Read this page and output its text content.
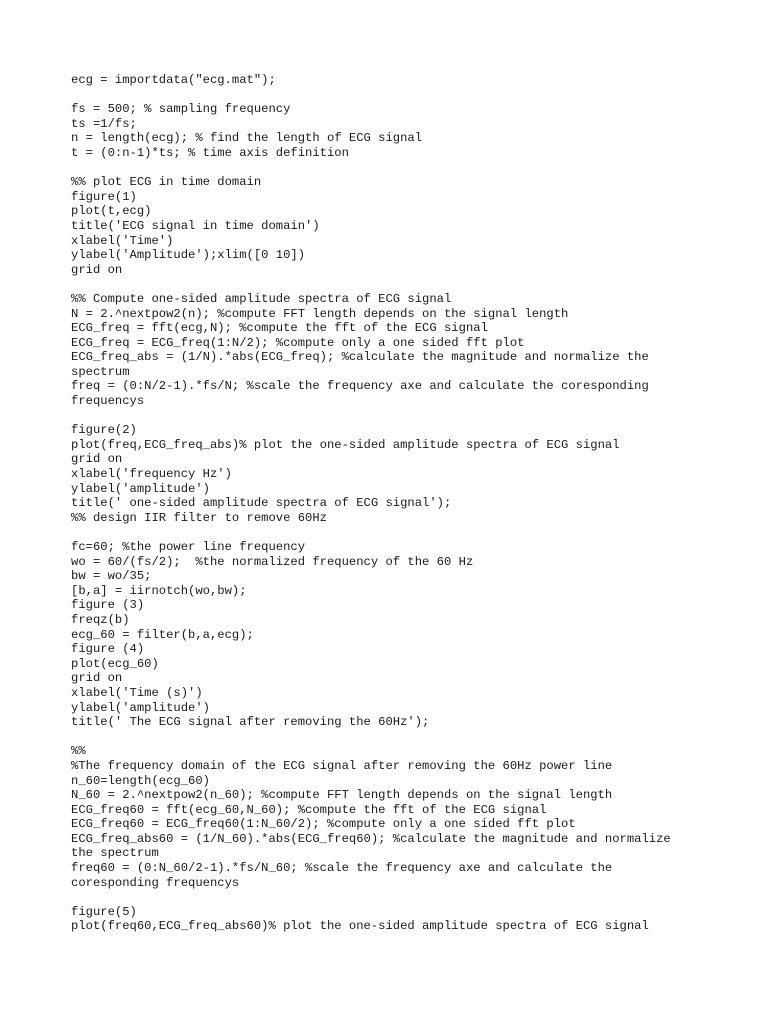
ecg = importdata("ecg.mat");
fs = 500; % sampling frequency
ts =1/fs;
n = length(ecg); % find the length of ECG signal
t = (0:n-1)*ts; % time axis definition
%% plot ECG in time domain
figure(1)
plot(t,ecg)
title('ECG signal in time domain')
xlabel('Time')
ylabel('Amplitude');xlim([0 10])
grid on
%% Compute one-sided amplitude spectra of ECG signal
N = 2.^nextpow2(n); %compute FFT length depends on the signal length
ECG_freq = fft(ecg,N); %compute the fft of the ECG signal
ECG_freq = ECG_freq(1:N/2); %compute only a one sided fft plot
ECG_freq_abs = (1/N).*abs(ECG_freq); %calculate the magnitude and normalize the
spectrum
freq = (0:N/2-1).*fs/N; %scale the frequency axe and calculate the coresponding
frequencys
figure(2)
plot(freq,ECG_freq_abs)% plot the one-sided amplitude spectra of ECG signal
grid on
xlabel('frequency Hz')
ylabel('amplitude')
title(' one-sided amplitude spectra of ECG signal');
%% design IIR filter to remove 60Hz
fc=60; %the power line frequency
wo = 60/(fs/2);  %the normalized frequency of the 60 Hz
bw = wo/35;
[b,a] = iirnotch(wo,bw);
figure (3)
freqz(b)
ecg_60 = filter(b,a,ecg);
figure (4)
plot(ecg_60)
grid on
xlabel('Time (s)')
ylabel('amplitude')
title(' The ECG signal after removing the 60Hz');
%%
%The frequency domain of the ECG signal after removing the 60Hz power line
n_60=length(ecg_60)
N_60 = 2.^nextpow2(n_60); %compute FFT length depends on the signal length
ECG_freq60 = fft(ecg_60,N_60); %compute the fft of the ECG signal
ECG_freq60 = ECG_freq60(1:N_60/2); %compute only a one sided fft plot
ECG_freq_abs60 = (1/N_60).*abs(ECG_freq60); %calculate the magnitude and normalize
the spectrum
freq60 = (0:N_60/2-1).*fs/N_60; %scale the frequency axe and calculate the
coresponding frequencys
figure(5)
plot(freq60,ECG_freq_abs60)% plot the one-sided amplitude spectra of ECG signal
